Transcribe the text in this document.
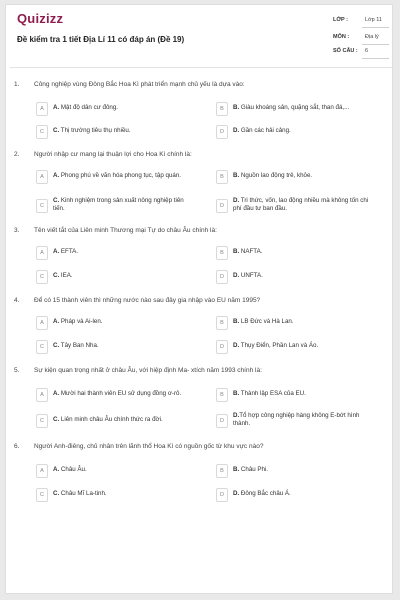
Quizizz
Đề kiểm tra 1 tiết Địa Lí 11 có đáp án (Đề 19)
LỚP :	Lớp 11
MÔN :	Địa lý
SỐ CÂU : 6
1. Công nghiệp vùng Đông Bắc Hoa Kì phát triển mạnh chủ yếu là dựa vào:
A	A. Mật độ dân cư đông.	B	B. Giàu khoáng sản, quặng sắt, than đá,...
C	C. Thị trường tiêu thụ nhiều.	D	D. Gần các hải cảng.
2. Người nhập cư mang lại thuận lợi cho Hoa Kì chính là:
A	A. Phong phú về văn hóa phong tục, tập quán.	B	B. Nguồn lao động trẻ, khỏe.
C
C. Kinh nghiệm trong sản xuất nông nghiệp tiên tiến.	D
D. Tri thức, vốn, lao động nhiều mà không tốn chi phí đầu tư ban đầu.
3. Tên viết tắt của Liên minh Thương mại Tự do châu Âu chính là:
A	A. EFTA.	B	B. NAFTA.
C	C. IEA.	D	D. UNFTA.
4. Để có 15 thành viên thì những nước nào sau đây gia nhập vào EU năm 1995?
A	A. Pháp và Ai-len.	B	B. LB Đức và Hà Lan.
C	C. Tây Ban Nha.	D	D. Thụy Điển, Phần Lan và Áo.
5. Sự kiện quan trọng nhất ở châu Âu, với hiệp định Ma- xtích năm 1993 chính là:
A	A. Mười hai thành viên EU sử dụng đồng ơ-rô.	B	B. Thành lập ESA của EU.
C	C. Liên minh châu Âu chính thức ra đời.	D
D.Tổ hợp công nghiệp hàng không E-bớt hình thành.
6. Người Anh-điêng, chủ nhân trên lãnh thổ Hoa Kì có nguồn gốc từ khu vực nào?
A	A. Châu Âu.	B	B. Châu Phi.
C	C. Châu Mĩ La-tinh.	D	D. Đông Bắc châu Á.
